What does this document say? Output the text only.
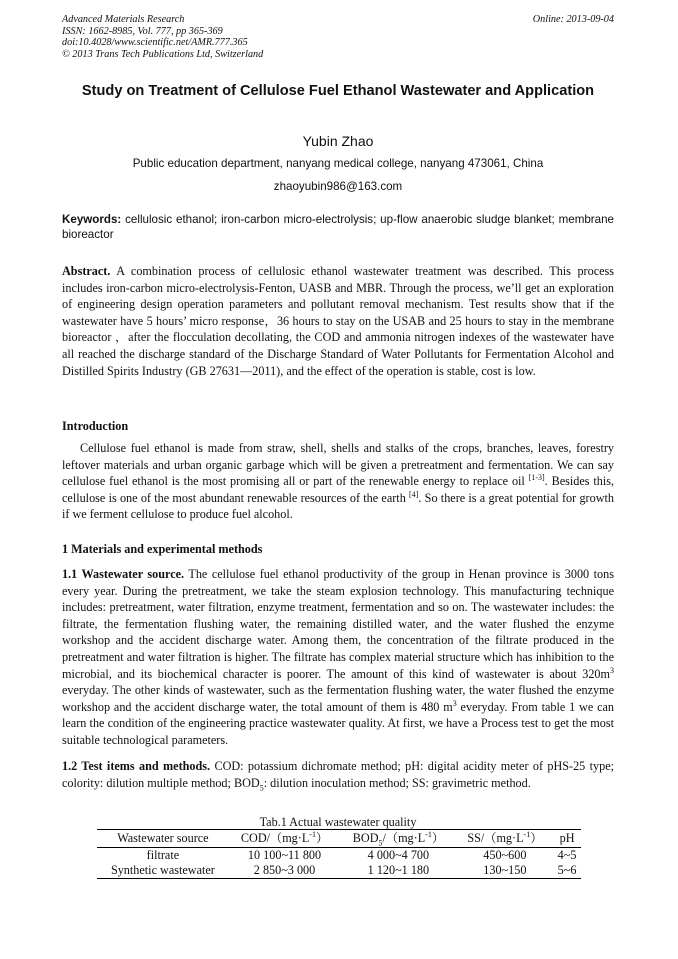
Advanced Materials Research
ISSN: 1662-8985, Vol. 777, pp 365-369
doi:10.4028/www.scientific.net/AMR.777.365
© 2013 Trans Tech Publications Ltd, Switzerland
Online: 2013-09-04
Study on Treatment of Cellulose Fuel Ethanol Wastewater and Application
Yubin Zhao
Public education department, nanyang medical college, nanyang 473061, China
zhaoyubin986@163.com
Keywords: cellulosic ethanol; iron-carbon micro-electrolysis; up-flow anaerobic sludge blanket; membrane bioreactor
Abstract. A combination process of cellulosic ethanol wastewater treatment was described. This process includes iron-carbon micro-electrolysis-Fenton, UASB and MBR. Through the process, we’ll get an exploration of engineering design operation parameters and pollutant removal mechanism. Test results show that if the wastewater have 5 hours’ micro response，36 hours to stay on the USAB and 25 hours to stay in the membrane bioreactor ，after the flocculation decollating, the COD and ammonia nitrogen indexes of the wastewater have all reached the discharge standard of the Discharge Standard of Water Pollutants for Fermentation Alcohol and Distilled Spirits Industry (GB 27631—2011), and the effect of the operation is stable, cost is low.
Introduction
Cellulose fuel ethanol is made from straw, shell, shells and stalks of the crops, branches, leaves, forestry leftover materials and urban organic garbage which will be given a pretreatment and fermentation. We can say cellulose fuel ethanol is the most promising all or part of the renewable energy to replace oil [1-3]. Besides this, cellulose is one of the most abundant renewable resources of the earth [4]. So there is a great potential for growth if we ferment cellulose to produce fuel alcohol.
1 Materials and experimental methods
1.1 Wastewater source. The cellulose fuel ethanol productivity of the group in Henan province is 3000 tons every year. During the pretreatment, we take the steam explosion technology. This manufacturing technique includes: pretreatment, water filtration, enzyme treatment, fermentation and so on. The wastewater includes: the filtrate, the fermentation flushing water, the remaining distilled water, and the water flushed the enzyme workshop and the accident discharge water. Among them, the concentration of the filtrate produced in the pretreatment and water filtration is higher. The filtrate has complex material structure which has inhibition to the microbial, and its biochemical character is poorer. The amount of this kind of wastewater is about $320m^3$ everyday. The other kinds of wastewater, such as the fermentation flushing water, the water flushed the enzyme workshop and the accident discharge water, the total amount of them is 480 $m^3$ everyday. From table 1 we can learn the condition of the engineering practice wastewater quality. At first, we have a Process test to get the most suitable technological parameters.
1.2 Test items and methods. COD: potassium dichromate method; pH: digital acidity meter of pHS-25 type; colority: dilution multiple method; $BOD_5$: dilution inoculation method; SS: gravimetric method.
Tab.1 Actual wastewater quality
Wastewater source	COD/$(mg\cdot L^{-1})$	$BOD_5/(mg\cdot L^{-1})$	$SS/(mg\cdot L^{-1})$	pH
filtrate	10 100~11 800	4 000~4 700	450~600	4~5
Synthetic wastewater	2 850~3 000	1 120~1 180	130~150	5~6
